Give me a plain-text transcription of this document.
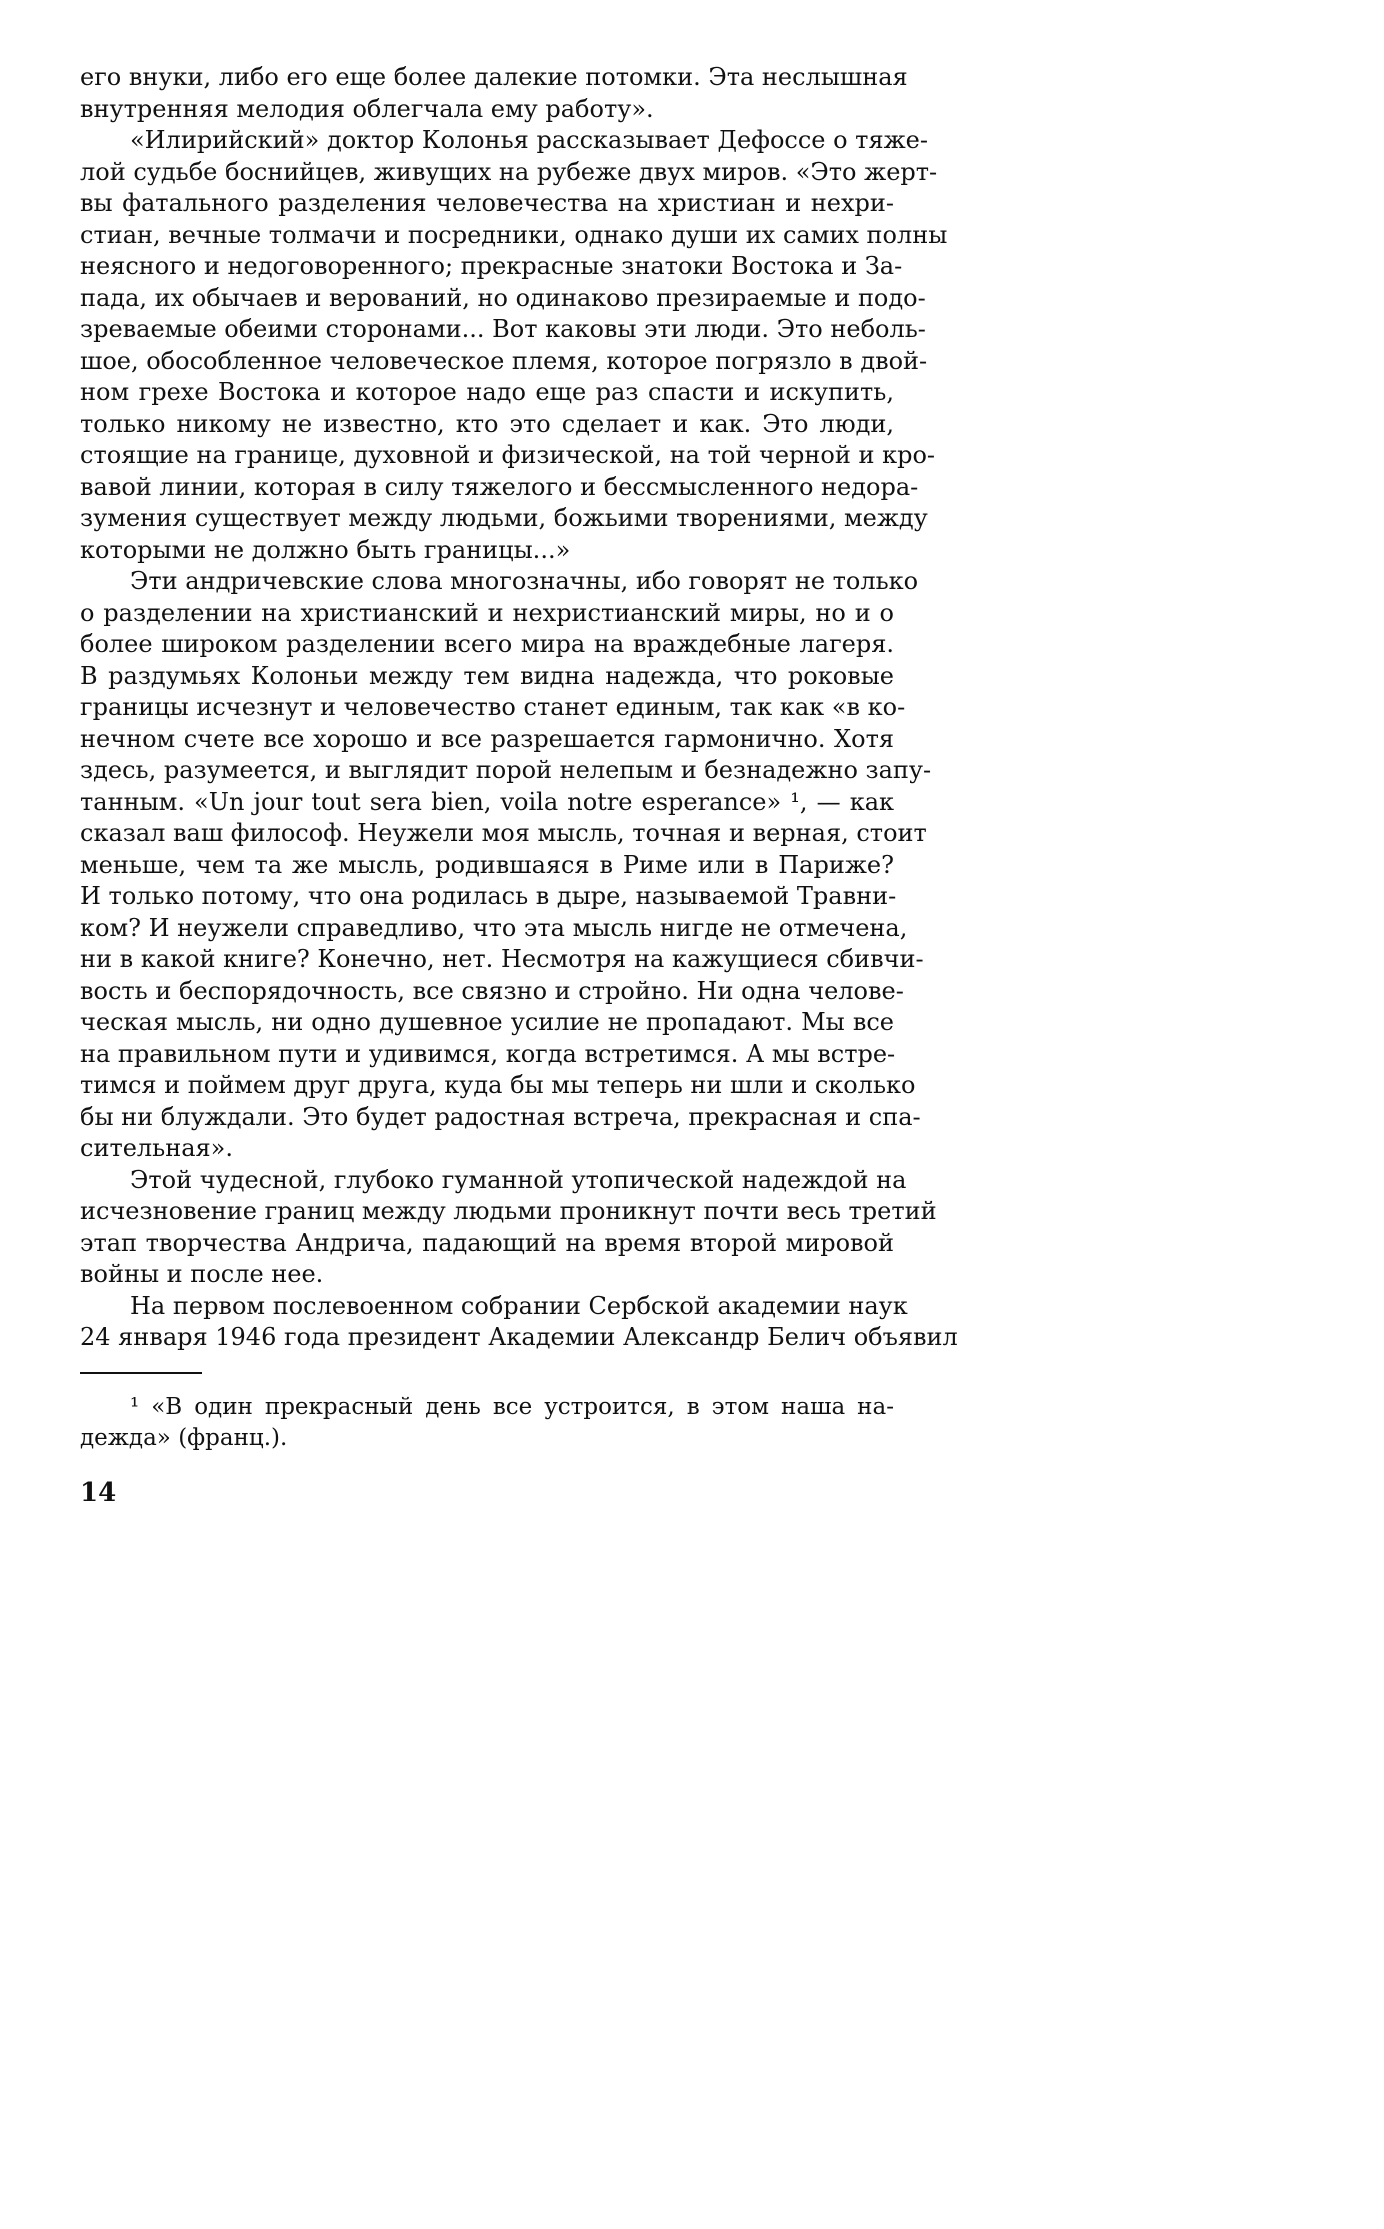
его внуки, либо его еще более далекие потомки. Эта неслышная
внутренняя мелодия облегчала ему работу».
«Илирийский» доктор Колонья рассказывает Дефоссе о тяже-
лой судьбе боснийцев, живущих на рубеже двух миров. «Это жерт-
вы фатального разделения человечества на христиан и нехри-
стиан, вечные толмачи и посредники, однако души их самих полны
неясного и недоговоренного; прекрасные знатоки Востока и За-
пада, их обычаев и верований, но одинаково презираемые и подо-
зреваемые обеими сторонами... Вот каковы эти люди. Это неболь-
шое, обособленное человеческое племя, которое погрязло в двой-
ном грехе Востока и которое надо еще раз спасти и искупить,
только никому не известно, кто это сделает и как. Это люди,
стоящие на границе, духовной и физической, на той черной и кро-
вавой линии, которая в силу тяжелого и бессмысленного недора-
зумения существует между людьми, божьими творениями, между
которыми не должно быть границы...»
Эти андричевские слова многозначны, ибо говорят не только
о разделении на христианский и нехристианский миры, но и о
более широком разделении всего мира на враждебные лагеря.
В раздумьях Колоньи между тем видна надежда, что роковые
границы исчезнут и человечество станет единым, так как «в ко-
нечном счете все хорошо и все разрешается гармонично. Хотя
здесь, разумеется, и выглядит порой нелепым и безнадежно запу-
танным. «Un jour tout sera bien, voila notre esperance» ¹, — как
сказал ваш философ. Неужели моя мысль, точная и верная, стоит
меньше, чем та же мысль, родившаяся в Риме или в Париже?
И только потому, что она родилась в дыре, называемой Травни-
ком? И неужели справедливо, что эта мысль нигде не отмечена,
ни в какой книге? Конечно, нет. Несмотря на кажущиеся сбивчи-
вость и беспорядочность, все связно и стройно. Ни одна челове-
ческая мысль, ни одно душевное усилие не пропадают. Мы все
на правильном пути и удивимся, когда встретимся. А мы встре-
тимся и поймем друг друга, куда бы мы теперь ни шли и сколько
бы ни блуждали. Это будет радостная встреча, прекрасная и спа-
сительная».
Этой чудесной, глубоко гуманной утопической надеждой на
исчезновение границ между людьми проникнут почти весь третий
этап творчества Андрича, падающий на время второй мировой
войны и после нее.
На первом послевоенном собрании Сербской академии наук
24 января 1946 года президент Академии Александр Белич объявил
¹ «В один прекрасный день все устроится, в этом наша на-
дежда» (франц.).
14
